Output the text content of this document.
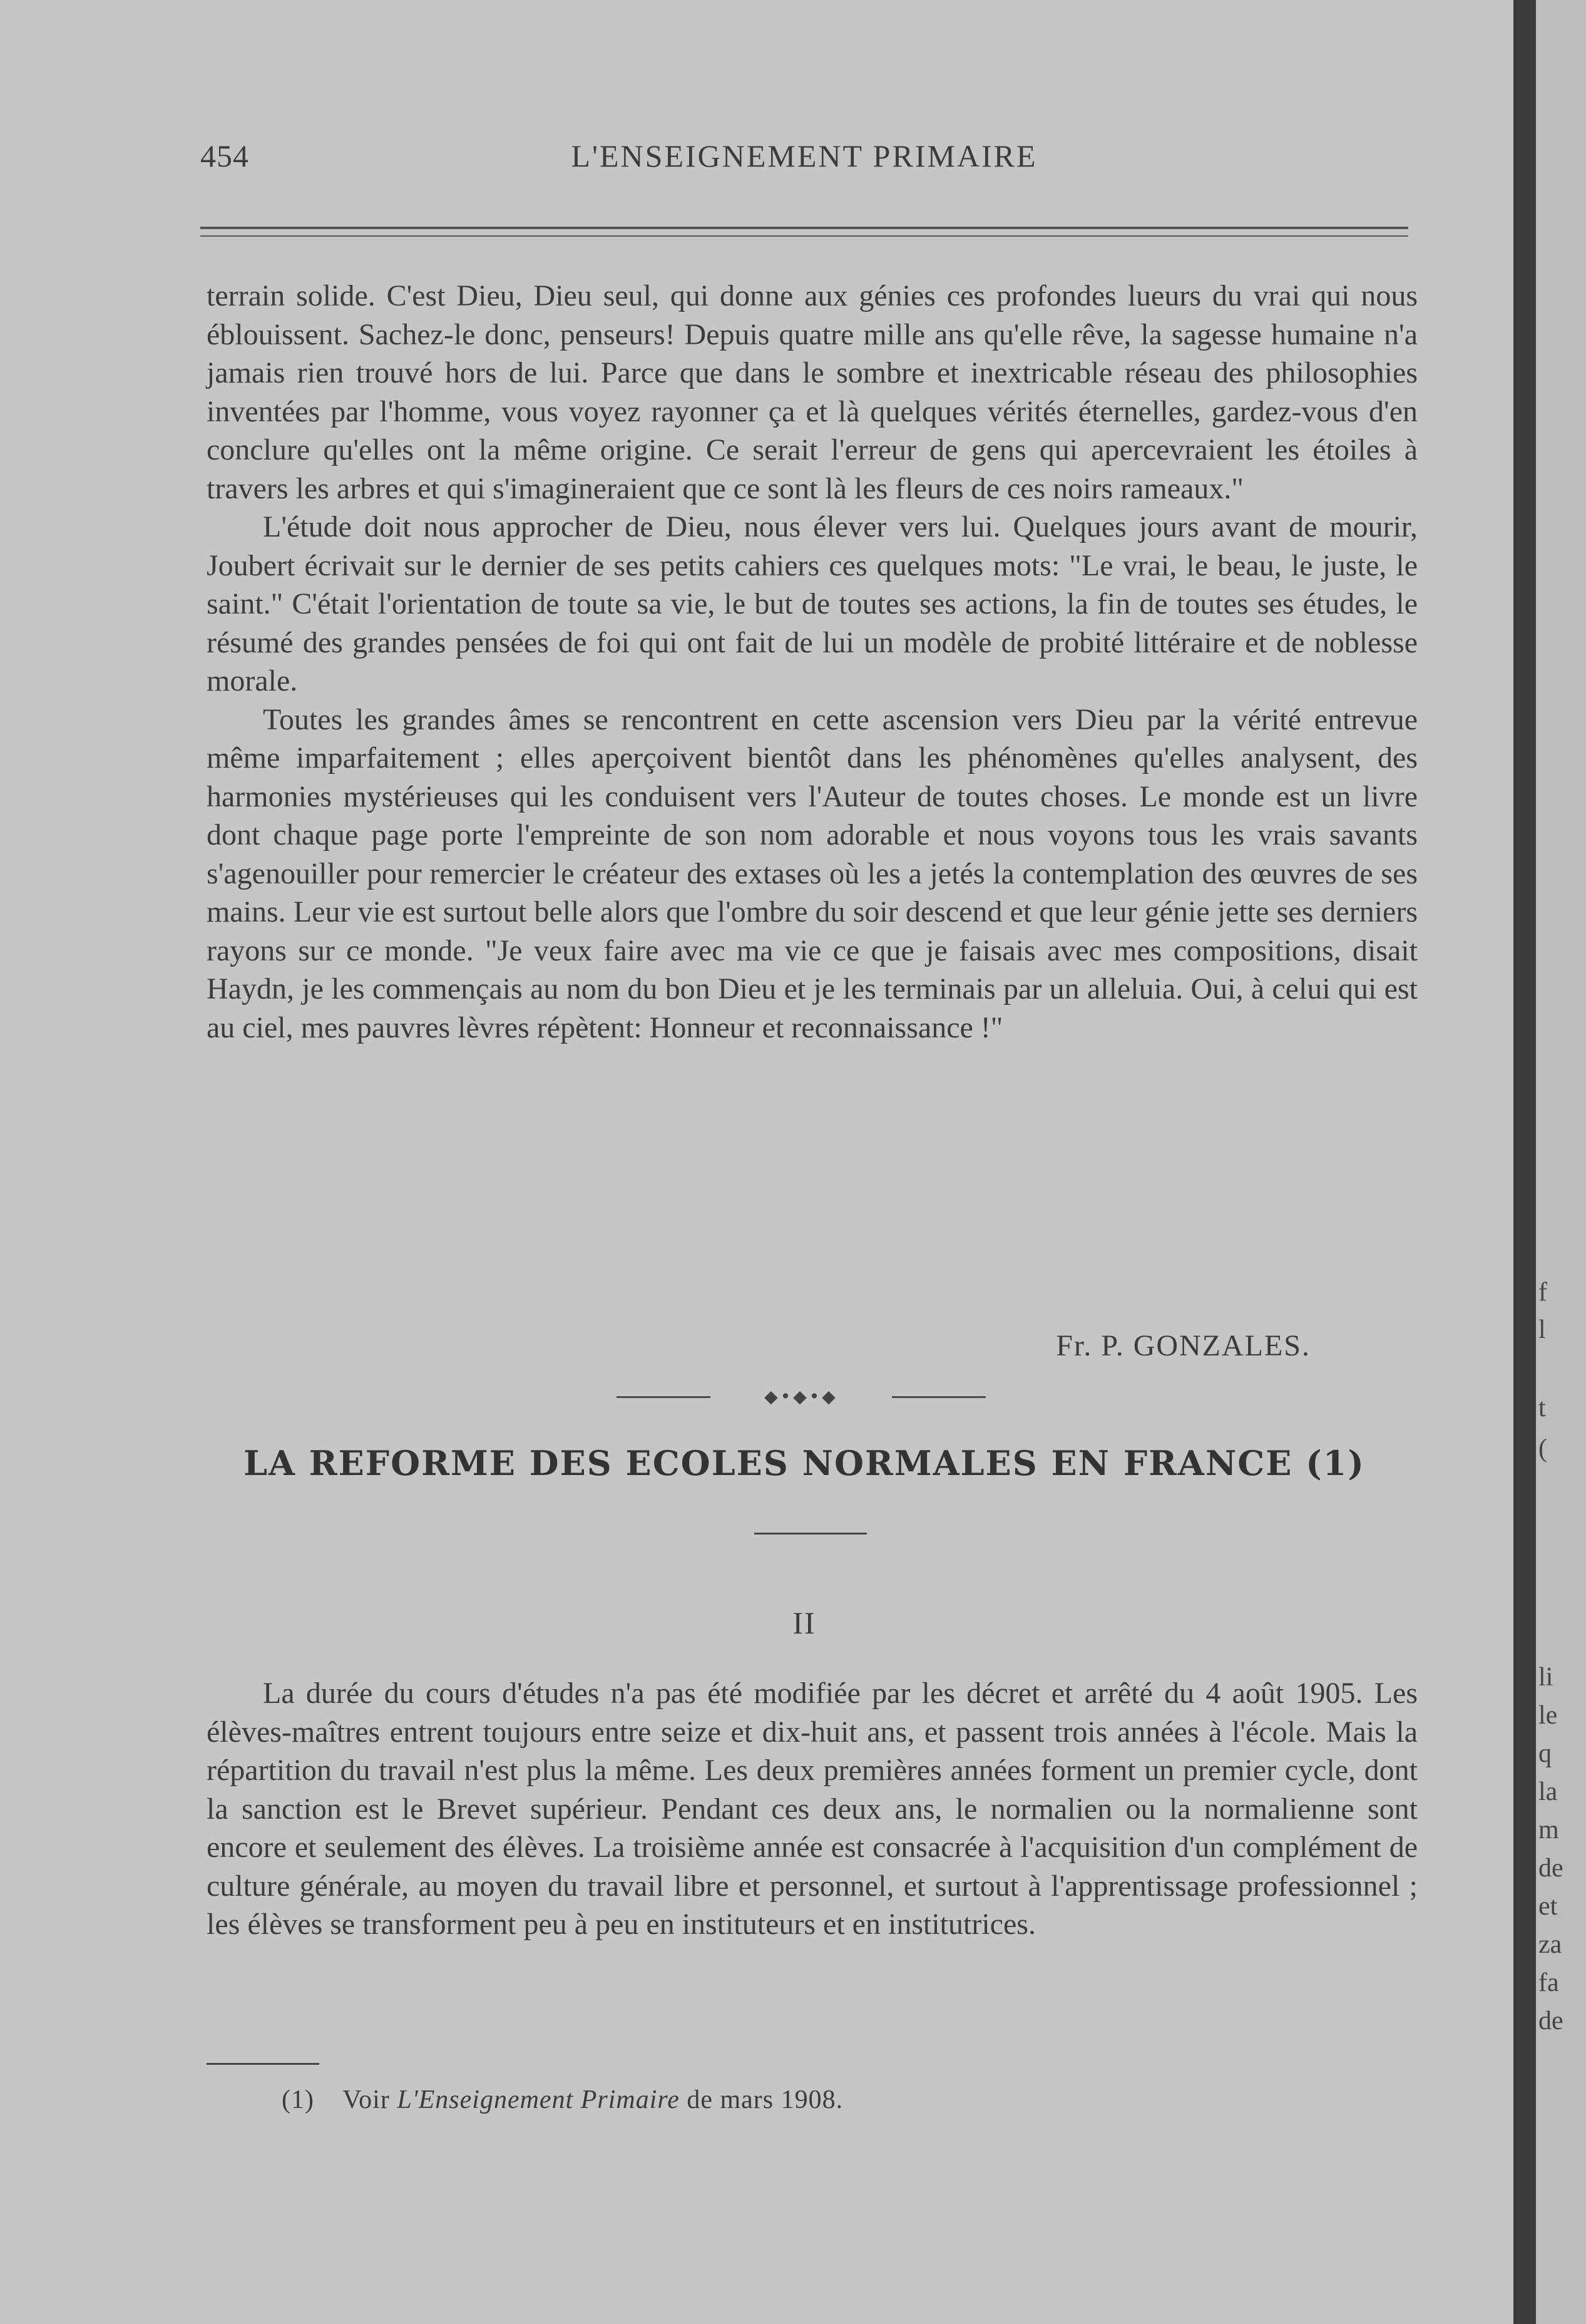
454	L'ENSEIGNEMENT PRIMAIRE

terrain solide. C'est Dieu, Dieu seul, qui donne aux génies ces profondes lueurs du vrai qui nous éblouissent. Sachez-le donc, penseurs! Depuis quatre mille ans qu'elle rêve, la sagesse humaine n'a jamais rien trouvé hors de lui. Parce que dans le sombre et inextricable réseau des philosophies inventées par l'homme, vous voyez rayonner ça et là quelques vérités éternelles, gardez-vous d'en conclure qu'elles ont la même origine. Ce serait l'erreur de gens qui apercevraient les étoiles à travers les arbres et qui s'imagineraient que ce sont là les fleurs de ces noirs rameaux."

L'étude doit nous approcher de Dieu, nous élever vers lui. Quelques jours avant de mourir, Joubert écrivait sur le dernier de ses petits cahiers ces quelques mots: "Le vrai, le beau, le juste, le saint." C'était l'orientation de toute sa vie, le but de toutes ses actions, la fin de toutes ses études, le résumé des grandes pensées de foi qui ont fait de lui un modèle de probité littéraire et de noblesse morale.

Toutes les grandes âmes se rencontrent en cette ascension vers Dieu par la vérité entrevue même imparfaitement ; elles aperçoivent bientôt dans les phénomènes qu'elles analysent, des harmonies mystérieuses qui les conduisent vers l'Auteur de toutes choses. Le monde est un livre dont chaque page porte l'empreinte de son nom adorable et nous voyons tous les vrais savants s'agenouiller pour remercier le créateur des extases où les a jetés la contemplation des œuvres de ses mains. Leur vie est surtout belle alors que l'ombre du soir descend et que leur génie jette ses derniers rayons sur ce monde. "Je veux faire avec ma vie ce que je faisais avec mes compositions, disait Haydn, je les commençais au nom du bon Dieu et je les terminais par un alleluia. Oui, à celui qui est au ciel, mes pauvres lèvres répètent: Honneur et reconnaissance !"

Fr. P. GONZALES.
◆•◆•◆
LA REFORME DES ECOLES NORMALES EN FRANCE (1)
II

La durée du cours d'études n'a pas été modifiée par les décret et arrêté du 4 août 1905. Les élèves-maîtres entrent toujours entre seize et dix-huit ans, et passent trois années à l'école. Mais la répartition du travail n'est plus la même. Les deux premières années forment un premier cycle, dont la sanction est le Brevet supérieur. Pendant ces deux ans, le normalien ou la normalienne sont encore et seulement des élèves. La troisième année est consacrée à l'acquisition d'un complément de culture générale, au moyen du travail libre et personnel, et surtout à l'apprentissage professionnel ; les élèves se transforment peu à peu en instituteurs et en institutrices.

(1) Voir L'Enseignement Primaire de mars 1908.
f
l
t
(
li
le
q
la
m
de
et
za
fa
de
